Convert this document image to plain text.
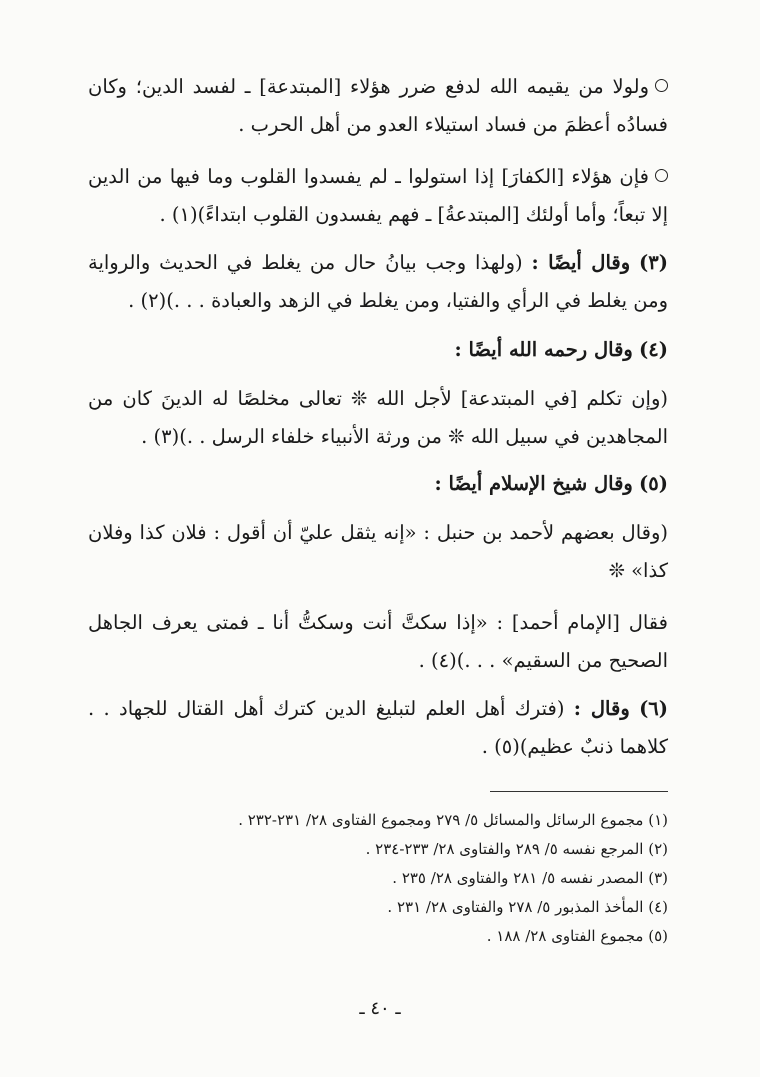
ولولا من يقيمه الله لدفع ضرر هؤلاء [المبتدعة] ـ لفسد الدين؛ وكان فسادُه أعظمَ من فساد استيلاء العدو من أهل الحرب .
فإن هؤلاء [الكفارَ] إذا استولوا ـ لم يفسدوا القلوب وما فيها من الدين إلا تبعاً؛ وأما أولئك [المبتدعةُ] ـ فهم يفسدون القلوب ابتداءً)(١) .
(٣) وقال أيضًا : (ولهذا وجب بيانُ حال من يغلط في الحديث والرواية ومن يغلط في الرأي والفتيا، ومن يغلط في الزهد والعبادة . . .)(٢) .
(٤) وقال رحمه الله أيضًا :
(وإن تكلم [في المبتدعة] لأجل الله ❊ تعالى مخلصًا له الدينَ كان من المجاهدين في سبيل الله ❊ من ورثة الأنبياء خلفاء الرسل . .)(٣) .
(٥) وقال شيخ الإسلام أيضًا :
(وقال بعضهم لأحمد بن حنبل : «إنه يثقل عليّ أن أقول : فلان كذا وفلان كذا» ❊
فقال [الإمام أحمد] : «إذا سكتَّ أنت وسكتُّ أنا ـ فمتى يعرف الجاهل الصحيح من السقيم» . . .)(٤) .
(٦) وقال : (فترك أهل العلم لتبليغ الدين كترك أهل القتال للجهاد . . كلاهما ذنبٌ عظيم)(٥) .
(١) مجموع الرسائل والمسائل ٥/ ٢٧٩ ومجموع الفتاوى ٢٨/ ٢٣١-٢٣٢ .
(٢) المرجع نفسه ٥/ ٢٨٩ والفتاوى ٢٨/ ٢٣٣-٢٣٤ .
(٣) المصدر نفسه ٥/ ٢٨١ والفتاوى ٢٨/ ٢٣٥ .
(٤) المأخذ المذبور ٥/ ٢٧٨ والفتاوى ٢٨/ ٢٣١ .
(٥) مجموع الفتاوى ٢٨/ ١٨٨ .
ـ ٤٠ ـ
